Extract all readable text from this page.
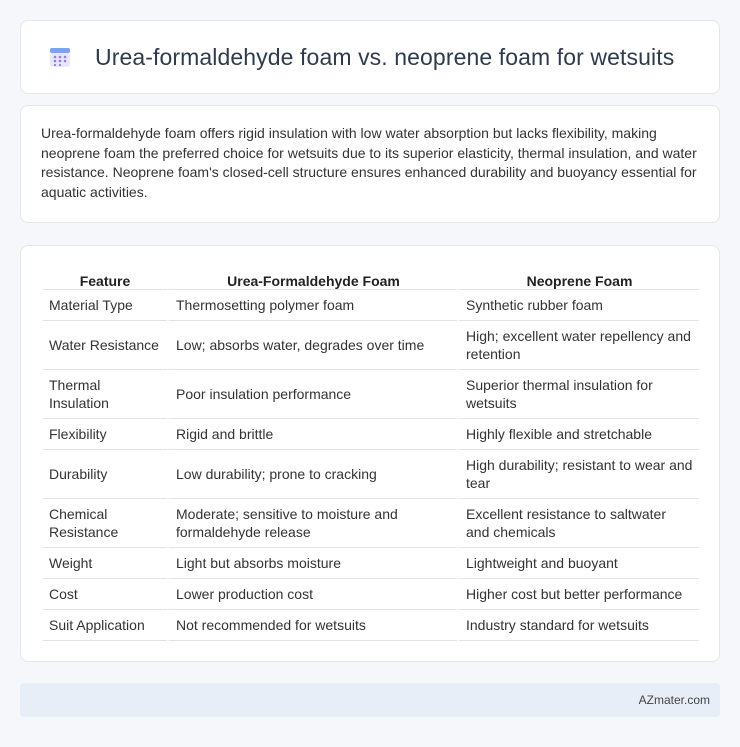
Urea-formaldehyde foam vs. neoprene foam for wetsuits

Urea-formaldehyde foam offers rigid insulation with low water absorption but lacks flexibility, making neoprene foam the preferred choice for wetsuits due to its superior elasticity, thermal insulation, and water resistance. Neoprene foam's closed-cell structure ensures enhanced durability and buoyancy essential for aquatic activities.

Feature	Urea-Formaldehyde Foam	Neoprene Foam
Material Type	Thermosetting polymer foam	Synthetic rubber foam
Water Resistance	Low; absorbs water, degrades over time	High; excellent water repellency and retention
Thermal Insulation	Poor insulation performance	Superior thermal insulation for wetsuits
Flexibility	Rigid and brittle	Highly flexible and stretchable
Durability	Low durability; prone to cracking	High durability; resistant to wear and tear
Chemical Resistance	Moderate; sensitive to moisture and formaldehyde release	Excellent resistance to saltwater and chemicals
Weight	Light but absorbs moisture	Lightweight and buoyant
Cost	Lower production cost	Higher cost but better performance
Suit Application	Not recommended for wetsuits	Industry standard for wetsuits
AZmater.com
